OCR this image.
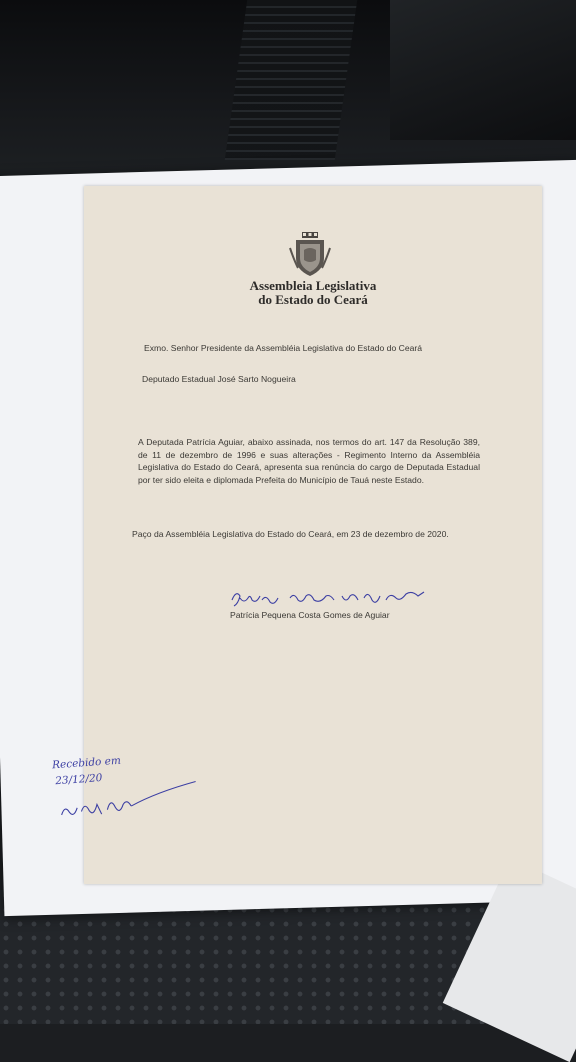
Assembleia Legislativa
do Estado do Ceará
Exmo. Senhor Presidente da Assembléia Legislativa do Estado do Ceará
Deputado Estadual José Sarto Nogueira
A Deputada Patrícia Aguiar, abaixo assinada, nos termos do art. 147 da Resolução 389, de 11 de dezembro de 1996 e suas alterações - Regimento Interno da Assembléia Legislativa do Estado do Ceará, apresenta sua renúncia do cargo de Deputada Estadual por ter sido eleita e diplomada Prefeita do Município de Tauá neste Estado.
Paço da Assembléia Legislativa do Estado do Ceará, em 23 de dezembro de 2020.
Patrícia Pequena Costa Gomes de Aguiar
Recebido em
23/12/20
